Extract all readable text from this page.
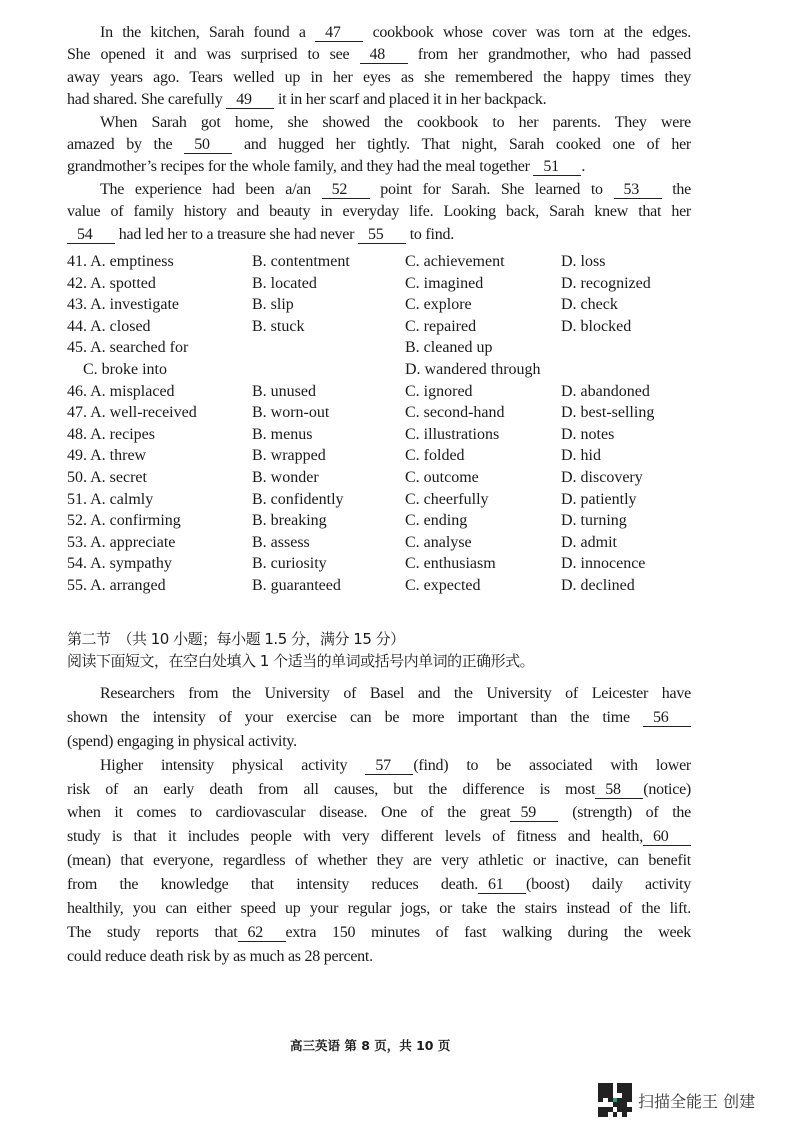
In the kitchen, Sarah found a 47 cookbook whose cover was torn at the edges.
She opened it and was surprised to see 48 from her grandmother, who had passed
away years ago. Tears welled up in her eyes as she remembered the happy times they
had shared. She carefully 49 it in her scarf and placed it in her backpack.
When Sarah got home, she showed the cookbook to her parents. They were
amazed by the 50 and hugged her tightly. That night, Sarah cooked one of her
grandmother’s recipes for the whole family, and they had the meal together 51 .
The experience had been a/an 52 point for Sarah. She learned to 53 the
value of family history and beauty in everyday life. Looking back, Sarah knew that her
54 had led her to a treasure she had never 55 to find.
41. A. emptiness	B. contentment	C. achievement	D. loss
42. A. spotted	B. located	C. imagined	D. recognized
43. A. investigate	B. slip	C. explore	D. check
44. A. closed	B. stuck	C. repaired	D. blocked
45. A. searched for	B. cleaned up
C. broke into	D. wandered through
46. A. misplaced	B. unused	C. ignored	D. abandoned
47. A. well-received	B. worn-out	C. second-hand	D. best-selling
48. A. recipes	B. menus	C. illustrations	D. notes
49. A. threw	B. wrapped	C. folded	D. hid
50. A. secret	B. wonder	C. outcome	D. discovery
51. A. calmly	B. confidently	C. cheerfully	D. patiently
52. A. confirming	B. breaking	C. ending	D. turning
53. A. appreciate	B. assess	C. analyse	D. admit
54. A. sympathy	B. curiosity	C. enthusiasm	D. innocence
55. A. arranged	B. guaranteed	C. expected	D. declined
第二节　（共 10 小题；每小题 1.5 分，满分 15 分）
阅读下面短文，在空白处填入 1 个适当的单词或括号内单词的正确形式。
Researchers from the University of Basel and the University of Leicester have
shown the intensity of your exercise can be more important than the time 56
(spend) engaging in physical activity.
Higher intensity physical activity 57 (find) to be associated with lower
risk of an early death from all causes, but the difference is most 58 (notice)
when it comes to cardiovascular disease. One of the great 59 (strength) of the
study is that it includes people with very different levels of fitness and health, 60
(mean) that everyone, regardless of whether they are very athletic or inactive, can benefit
from the knowledge that intensity reduces death. 61 (boost) daily activity
healthily, you can either speed up your regular jogs, or take the stairs instead of the lift.
The study reports that 62 extra 150 minutes of fast walking during the week
could reduce death risk by as much as 28 percent.
高三英语 第 8 页，共 10 页
扫描全能王 创建
